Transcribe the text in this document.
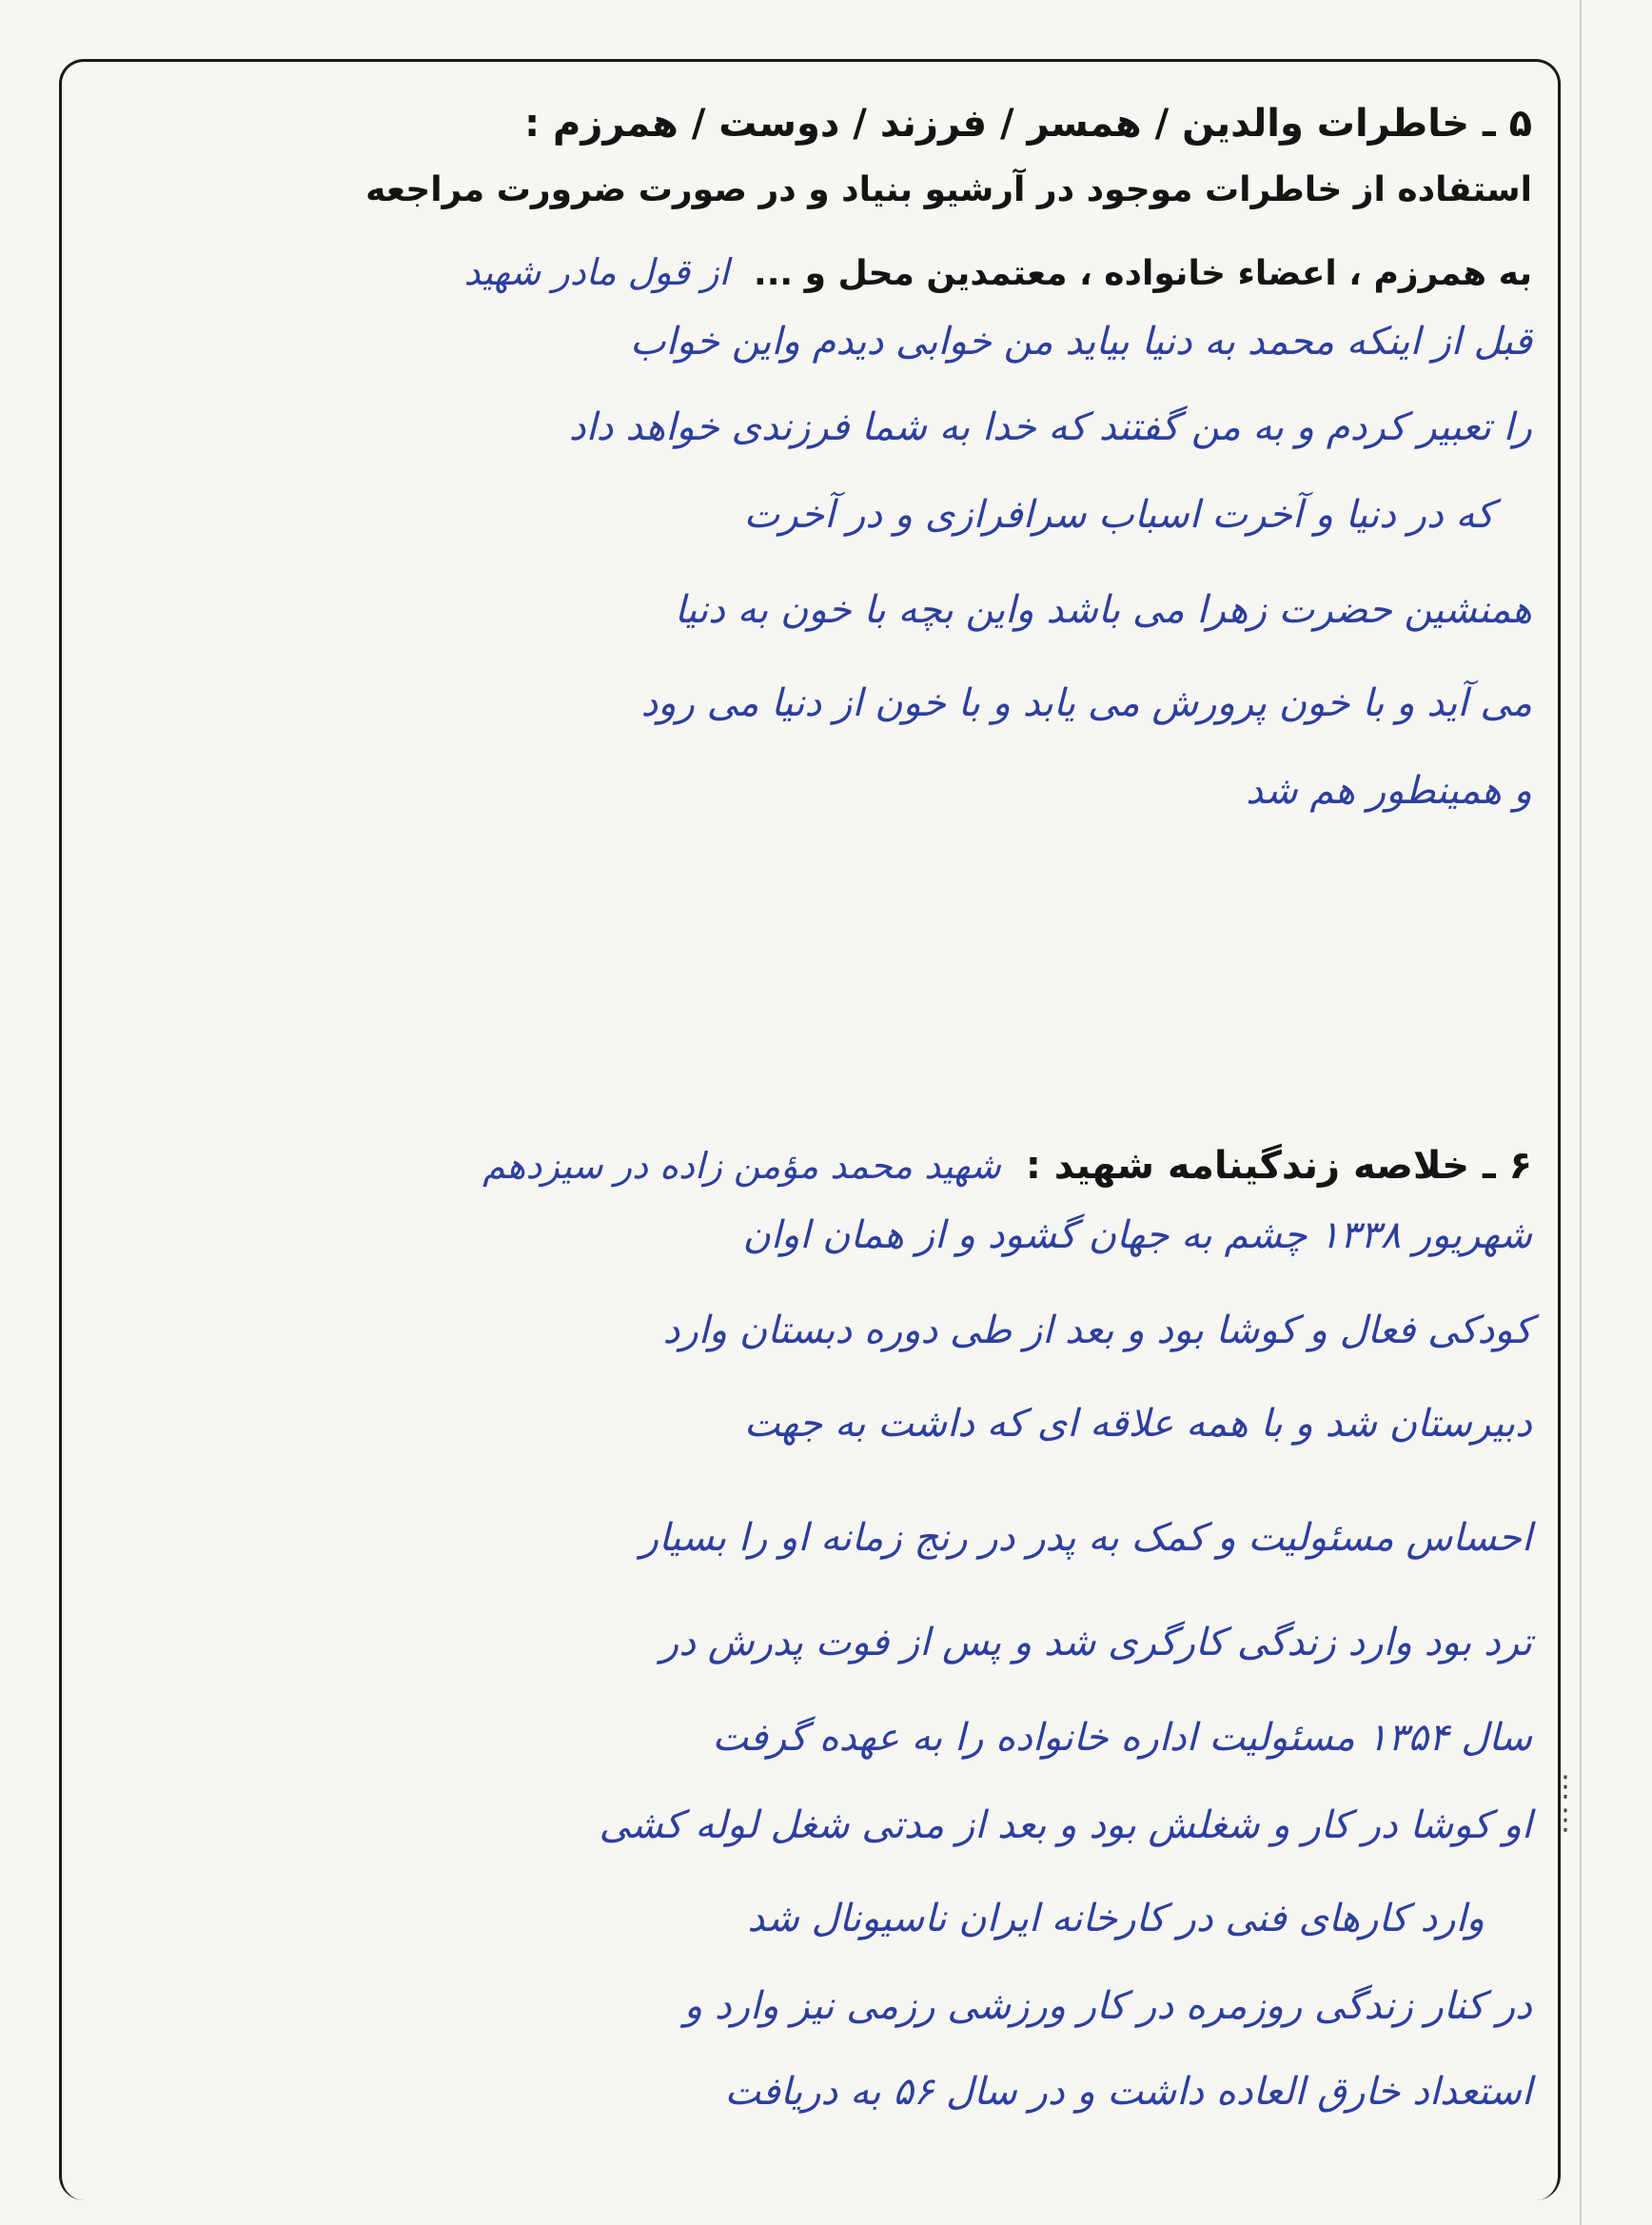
⋮
⋮
۵ ـ خاطرات والدین / همسر / فرزند / دوست / همرزم :
استفاده از خاطرات موجود در آرشیو بنیاد و در صورت ضرورت مراجعه
به همرزم ، اعضاء خانواده ، معتمدین محل و ...
از قول مادر شهید
قبل از اینکه محمد به دنیا بیاید من خوابی دیدم واین خواب
را تعبیر کردم و به من گفتند که خدا به شما فرزندی خواهد داد
که در دنیا و آخرت اسباب سرافرازی و در آخرت
همنشین حضرت زهرا می باشد واین بچه با خون به دنیا
می آید و با خون پرورش می یابد و با خون از دنیا می رود
و همینطور هم شد
۶ ـ خلاصه زندگینامه شهید :
شهید محمد مؤمن زاده در سیزدهم
شهریور ۱۳۳۸ چشم به جهان گشود و از همان اوان
کودکی فعال و کوشا بود و بعد از طی دوره دبستان وارد
دبیرستان شد و با همه علاقه ای که داشت به جهت
احساس مسئولیت و کمک به پدر در رنج زمانه او را بسیار
ترد بود وارد زندگی کارگری شد و پس از فوت پدرش در
سال ۱۳۵۴ مسئولیت اداره خانواده را به عهده گرفت
او کوشا در کار و شغلش بود و بعد از مدتی شغل لوله کشی
وارد کارهای فنی در کارخانه ایران ناسیونال شد
در کنار زندگی روزمره در کار ورزشی رزمی نیز وارد و
استعداد خارق العاده داشت و در سال ۵۶ به دریافت
